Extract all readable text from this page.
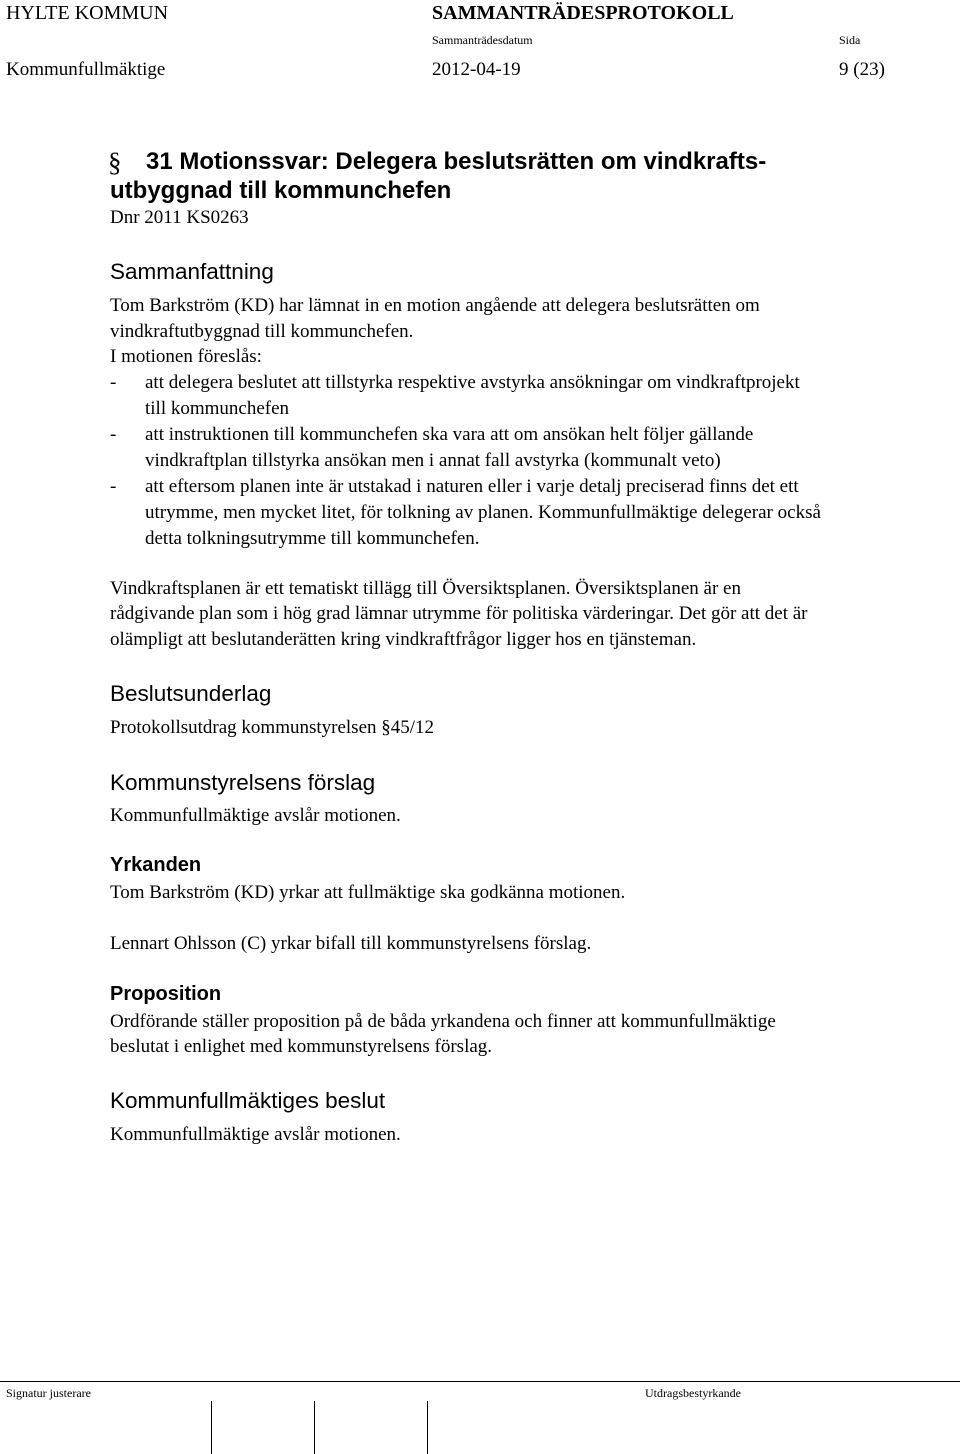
HYLTE KOMMUN	SAMMANTRÄDESPROTOKOLL
Sammanträdesdatum	Sida
Kommunfullmäktige	2012-04-19	9 (23)
§ 31 Motionssvar: Delegera beslutsrätten om vindkrafts-
utbyggnad till kommunchefen
Dnr 2011 KS0263
Sammanfattning
Tom Barkström (KD) har lämnat in en motion angående att delegera beslutsrätten om
vindkraftutbyggnad till kommunchefen.
I motionen föreslås:
-	att delegera beslutet att tillstyrka respektive avstyrka ansökningar om vindkraftprojekt
till kommunchefen
-	att instruktionen till kommunchefen ska vara att om ansökan helt följer gällande
vindkraftplan tillstyrka ansökan men i annat fall avstyrka (kommunalt veto)
-	att eftersom planen inte är utstakad i naturen eller i varje detalj preciserad finns det ett
utrymme, men mycket litet, för tolkning av planen. Kommunfullmäktige delegerar också
detta tolkningsutrymme till kommunchefen.
Vindkraftsplanen är ett tematiskt tillägg till Översiktsplanen. Översiktsplanen är en
rådgivande plan som i hög grad lämnar utrymme för politiska värderingar. Det gör att det är
olämpligt att beslutanderätten kring vindkraftfrågor ligger hos en tjänsteman.
Beslutsunderlag
Protokollsutdrag kommunstyrelsen §45/12
Kommunstyrelsens förslag
Kommunfullmäktige avslår motionen.
Yrkanden
Tom Barkström (KD) yrkar att fullmäktige ska godkänna motionen.
Lennart Ohlsson (C) yrkar bifall till kommunstyrelsens förslag.
Proposition
Ordförande ställer proposition på de båda yrkandena och finner att kommunfullmäktige
beslutat i enlighet med kommunstyrelsens förslag.
Kommunfullmäktiges beslut
Kommunfullmäktige avslår motionen.
Signatur justerare	Utdragsbestyrkande
